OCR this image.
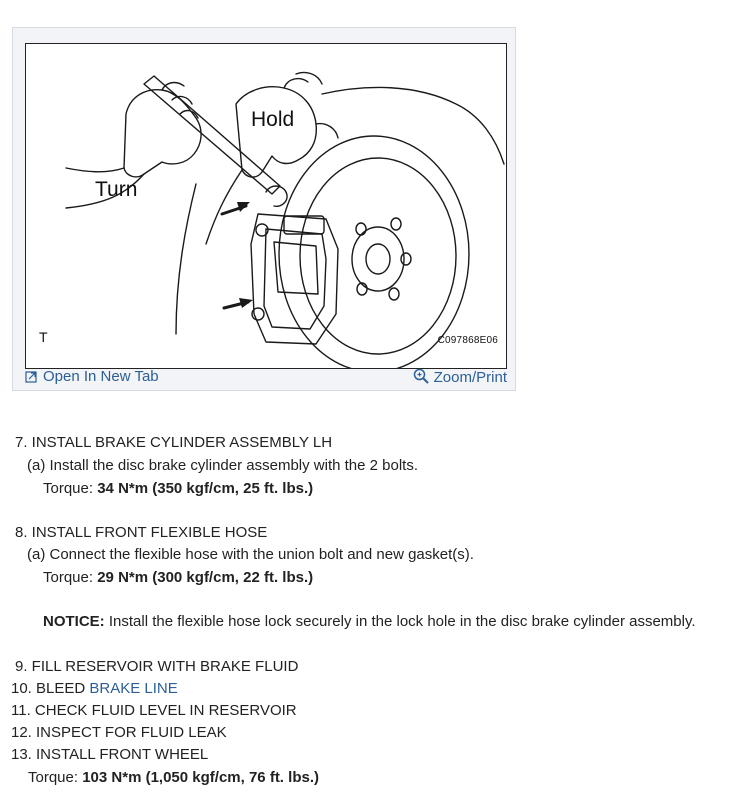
Hold
Turn
T	C097868E06
Open In New Tab	Zoom/Print
7. INSTALL BRAKE CYLINDER ASSEMBLY LH
(a) Install the disc brake cylinder assembly with the 2 bolts.
Torque: 34 N*m (350 kgf/cm, 25 ft. lbs.)
8. INSTALL FRONT FLEXIBLE HOSE
(a) Connect the flexible hose with the union bolt and new gasket(s).
Torque: 29 N*m (300 kgf/cm, 22 ft. lbs.)
NOTICE: Install the flexible hose lock securely in the lock hole in the disc brake cylinder assembly.
9. FILL RESERVOIR WITH BRAKE FLUID
10. BLEED BRAKE LINE
11. CHECK FLUID LEVEL IN RESERVOIR
12. INSPECT FOR FLUID LEAK
13. INSTALL FRONT WHEEL
Torque: 103 N*m (1,050 kgf/cm, 76 ft. lbs.)
